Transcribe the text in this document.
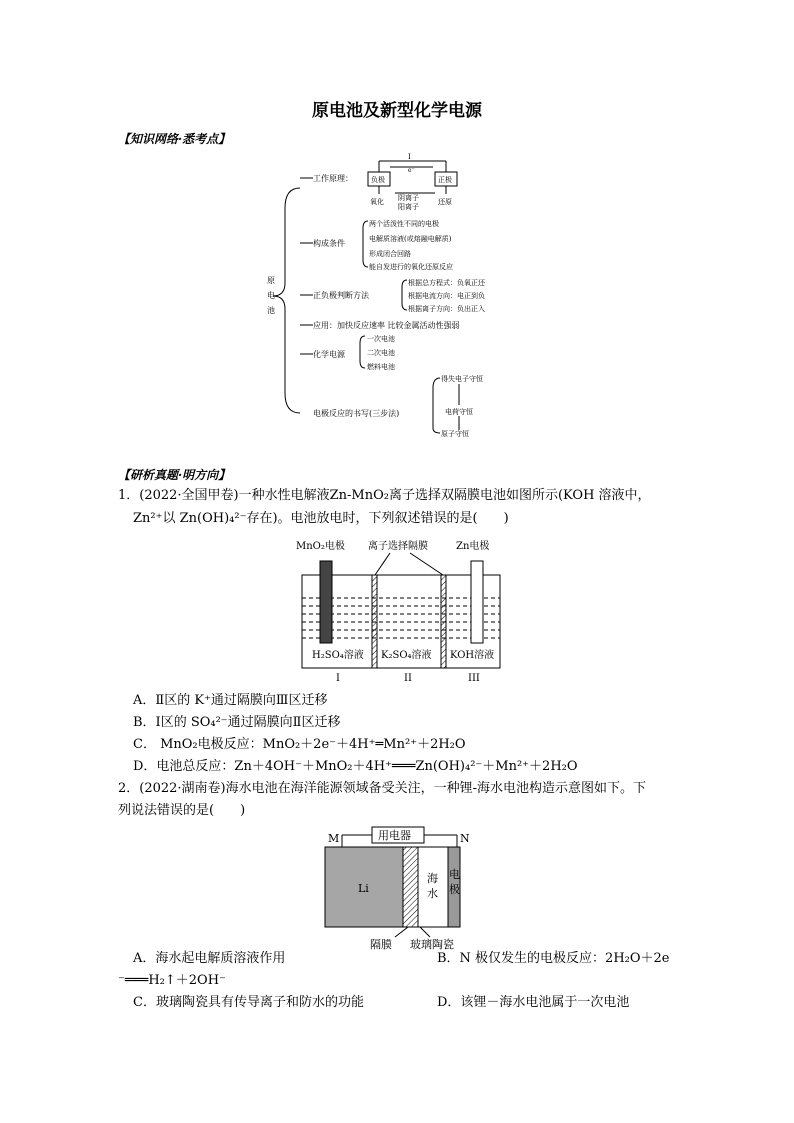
原电池及新型化学电源
【知识网络·悉考点】
原
电
池
工作原理：	负极	正极
氧化	还原
阴离子
阳离子
I
e⁻
构成条件
两个活泼性不同的电极
电解质溶液(或熔融电解质)
形成闭合回路
能自发进行的氧化还原反应
正负极判断方法
根据总方程式：负氧正还
根据电流方向：电正到负
根据离子方向：负出正入
应用：加快反应速率 比较金属活动性强弱
化学电源
一次电池
二次电池
燃料电池
电极反应的书写(三步法)
得失电子守恒
电荷守恒
原子守恒
【研析真题·明方向】
1．(2022·全国甲卷)一种水性电解液Zn-MnO₂离子选择双隔膜电池如图所示(KOH 溶液中，
Zn²⁺以 Zn(OH)₄²⁻存在)。电池放电时，下列叙述错误的是(　　)
MnO₂电极 离子选择隔膜	Zn电极
H₂SO₄溶液 K₂SO₄溶液 KOH溶液
I	II	III
A．Ⅱ区的 K⁺通过隔膜向Ⅲ区迁移
B．Ⅰ区的 SO₄²⁻通过隔膜向Ⅱ区迁移
C． MnO₂电极反应：MnO₂＋2e⁻＋4H⁺═Mn²⁺＋2H₂O
D．电池总反应：Zn＋4OH⁻＋MnO₂＋4H⁺═══Zn(OH)₄²⁻＋Mn²⁺＋2H₂O
2．(2022·湖南卷)海水电池在海洋能源领域备受关注，一种锂-海水电池构造示意图如下。下
列说法错误的是(　　)
用电器
M	N
Li
海
水
电
极
隔膜 玻璃陶瓷
A．海水起电解质溶液作用	B．N 极仅发生的电极反应：2H₂O＋2e
⁻═══H₂↑＋2OH⁻
C．玻璃陶瓷具有传导离子和防水的功能	D．该锂－海水电池属于一次电池
